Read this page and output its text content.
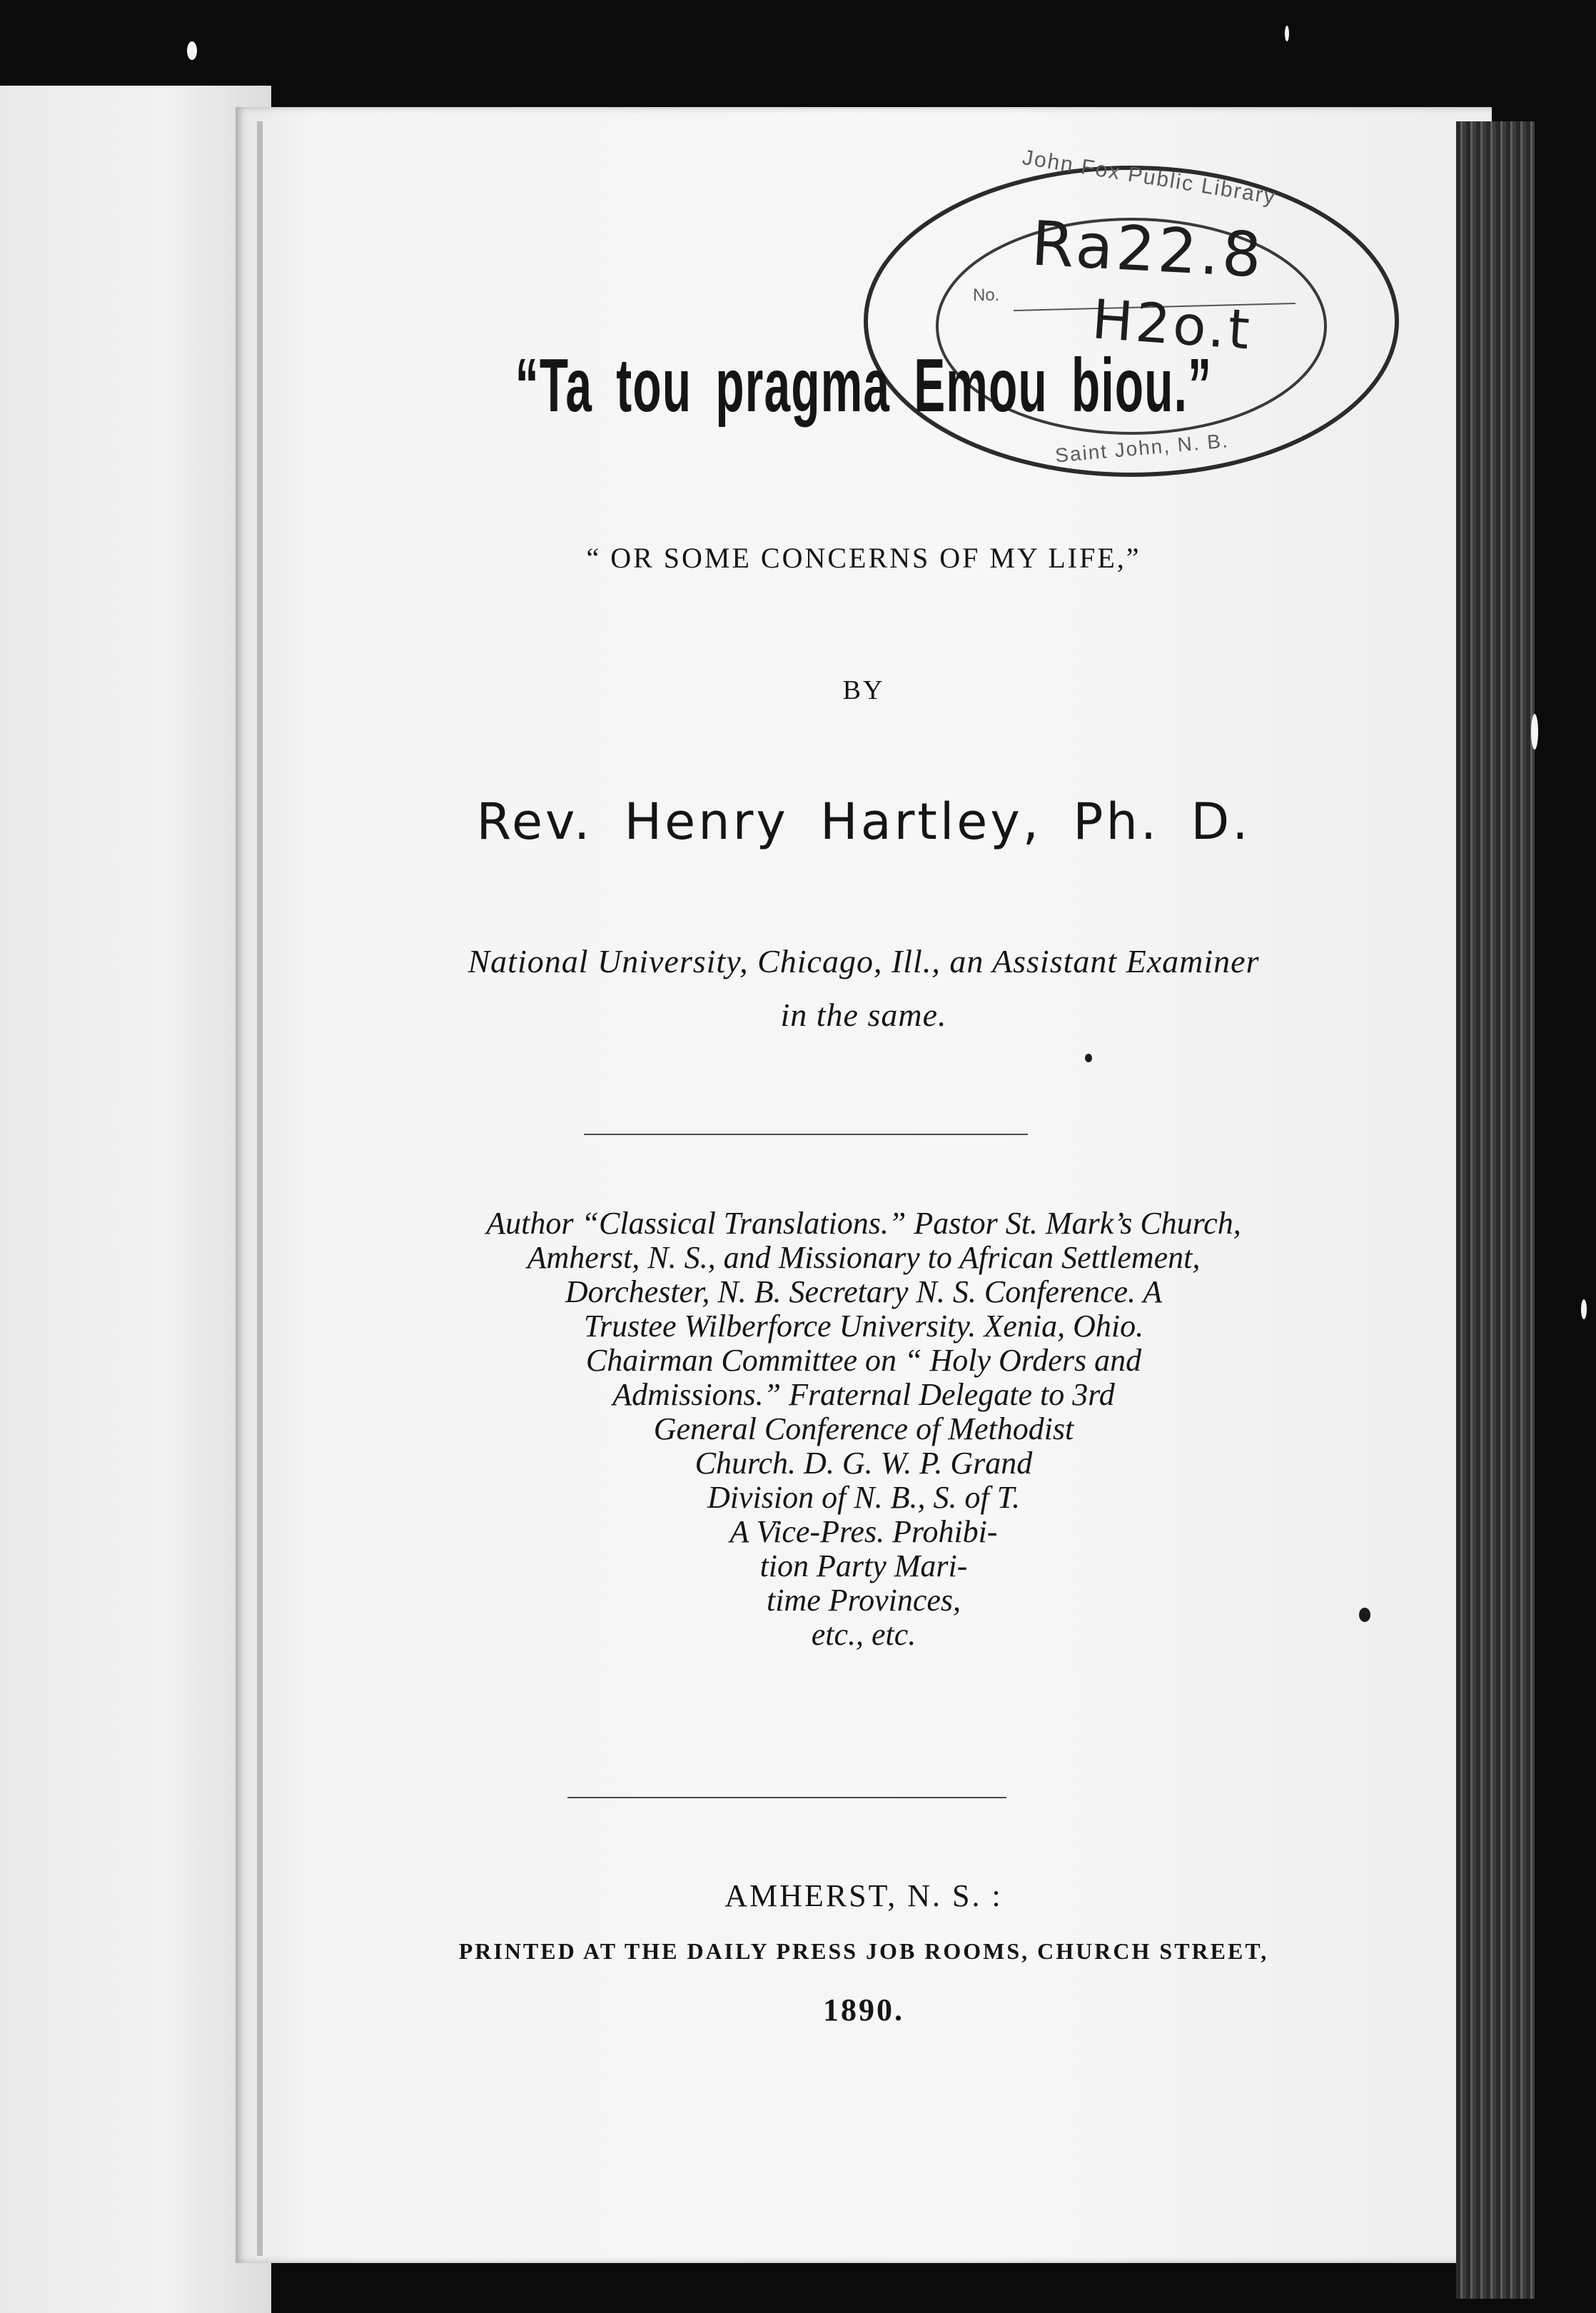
John Fox Public Library
No.
Saint John, N. B.
Ra22.8
H2o.t
“Ta tou pragma Emou biou.”
“ OR SOME CONCERNS OF MY LIFE,”
BY
Rev. Henry Hartley, Ph. D.
National University, Chicago, Ill., an Assistant Examiner
in the same.
Author “Classical Translations.” Pastor St. Mark’s Church,
Amherst, N. S., and Missionary to African Settlement,
Dorchester, N. B. Secretary N. S. Conference. A
Trustee Wilberforce University. Xenia, Ohio.
Chairman Committee on “ Holy Orders and
Admissions.” Fraternal Delegate to 3rd
General Conference of Methodist
Church. D. G. W. P. Grand
Division of N. B., S. of T.
A Vice-Pres. Prohibi-
tion Party Mari-
time Provinces,
etc., etc.
AMHERST, N. S. :
PRINTED AT THE DAILY PRESS JOB ROOMS, CHURCH STREET,
1890.
